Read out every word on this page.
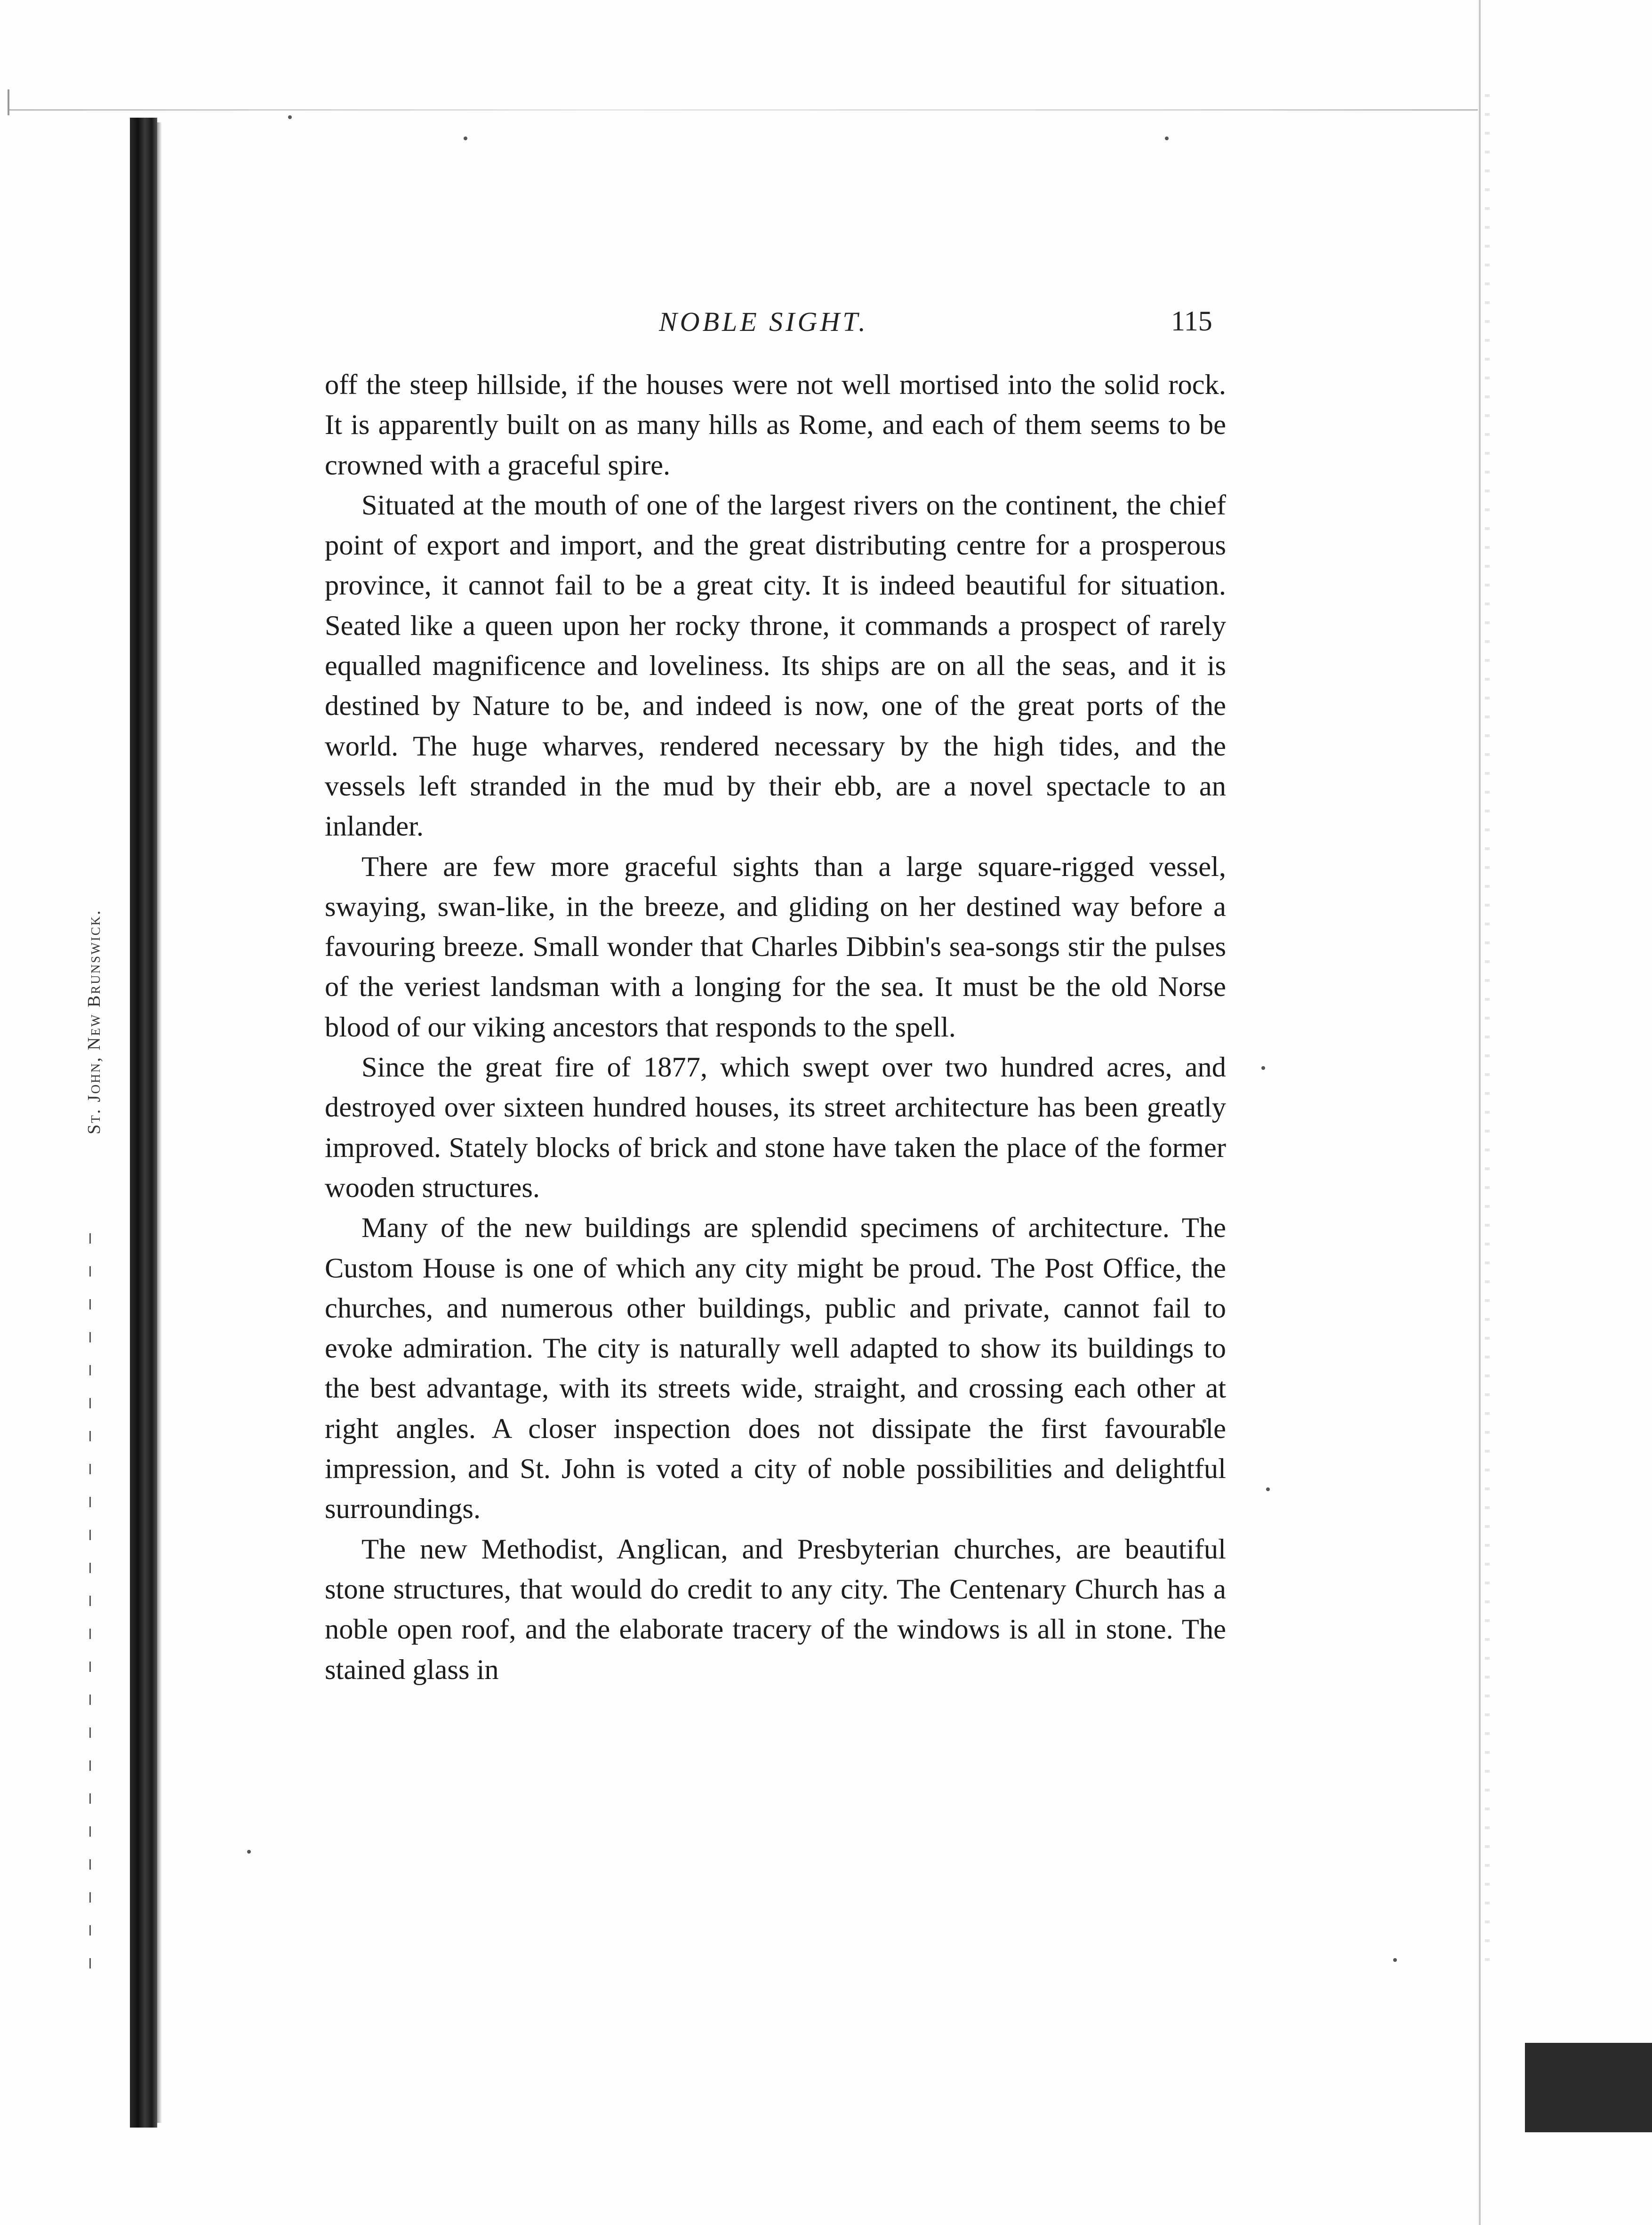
St. John, New Brunswick.
NOBLE SIGHT.	115

off the steep hillside, if the houses were not well mortised into the solid rock. It is apparently built on as many hills as Rome, and each of them seems to be crowned with a graceful spire.

Situated at the mouth of one of the largest rivers on the continent, the chief point of export and import, and the great distributing centre for a prosperous province, it cannot fail to be a great city. It is indeed beautiful for situation. Seated like a queen upon her rocky throne, it commands a prospect of rarely equalled magnificence and loveliness. Its ships are on all the seas, and it is destined by Nature to be, and indeed is now, one of the great ports of the world. The huge wharves, rendered necessary by the high tides, and the vessels left stranded in the mud by their ebb, are a novel spectacle to an inlander.

There are few more graceful sights than a large square-rigged vessel, swaying, swan-like, in the breeze, and gliding on her destined way before a favouring breeze. Small wonder that Charles Dibbin's sea-songs stir the pulses of the veriest landsman with a longing for the sea. It must be the old Norse blood of our viking ancestors that responds to the spell.

Since the great fire of 1877, which swept over two hundred acres, and destroyed over sixteen hundred houses, its street architecture has been greatly improved. Stately blocks of brick and stone have taken the place of the former wooden structures.

Many of the new buildings are splendid specimens of architecture. The Custom House is one of which any city might be proud. The Post Office, the churches, and numerous other buildings, public and private, cannot fail to evoke admiration. The city is naturally well adapted to show its buildings to the best advantage, with its streets wide, straight, and crossing each other at right angles. A closer inspection does not dissipate the first favourable impression, and St. John is voted a city of noble possibilities and delightful surroundings.

The new Methodist, Anglican, and Presbyterian churches, are beautiful stone structures, that would do credit to any city. The Centenary Church has a noble open roof, and the elaborate tracery of the windows is all in stone. The stained glass in
